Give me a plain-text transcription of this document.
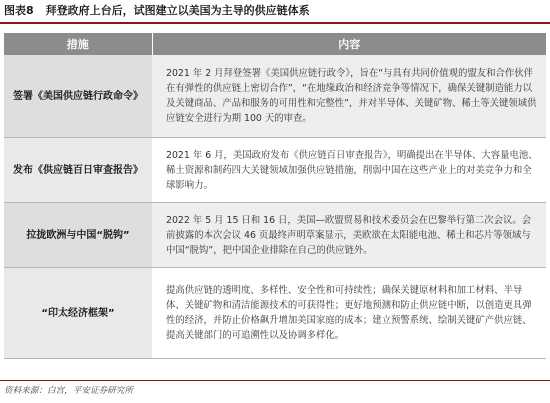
图表8 拜登政府上台后，试图建立以美国为主导的供应链体系
措施	内容
签署《美国供应链行政命令》	2021 年 2 月拜登签署《美国供应链行政令》，旨在“与具有共同价值观的盟友和合作伙伴在有弹性的供应链上密切合作”，“在地缘政治和经济竞争等情况下，确保关键制造能力以及关键商品、产品和服务的可用性和完整性”，并对半导体、关键矿物、稀土等关键领域供应链安全进行为期 100 天的审查。
发布《供应链百日审查报告》	2021 年 6 月，美国政府发布《供应链百日审查报告》，明确提出在半导体、大容量电池、稀土资源和制药四大关键领域加强供应链措施，削弱中国在这些产业上的对美竞争力和全球影响力。
拉拢欧洲与中国“脱钩”	2022 年 5 月 15 日和 16 日，美国—欧盟贸易和技术委员会在巴黎举行第二次会议。会前披露的本次会议 46 页最终声明草案显示，美欧欲在太阳能电池、稀土和芯片等领域与中国“脱钩”，把中国企业排除在自己的供应链外。
“印太经济框架”	提高供应链的透明度、多样性、安全性和可持续性；确保关键原材料和加工材料、半导体、关键矿物和清洁能源技术的可获得性；更好地预测和防止供应链中断，以创造更具弹性的经济，并防止价格飙升增加美国家庭的成本；建立预警系统、绘制关键矿产供应链、提高关键部门的可追溯性以及协调多样化。
资料来源：白宫，平安证券研究所
